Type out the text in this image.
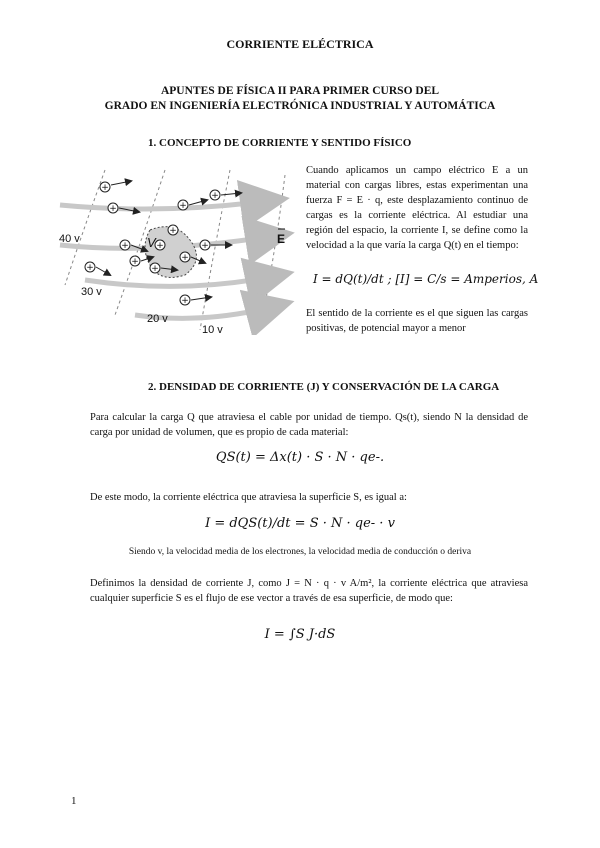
CORRIENTE ELÉCTRICA
APUNTES DE FÍSICA II PARA PRIMER CURSO DEL
GRADO EN INGENIERÍA ELECTRÓNICA INDUSTRIAL Y AUTOMÁTICA
1. CONCEPTO DE CORRIENTE Y SENTIDO FÍSICO
+
+	+
+
+
+
+
+
+
+
+
+
+
40 v
30 v
20 v
10 v
V	E
Cuando aplicamos un campo eléctrico E a un material con cargas libres, estas experimentan una fuerza F = E · q, este desplazamiento continuo de cargas es la corriente eléctrica. Al estudiar una región del espacio, la corriente I, se define como la velocidad a la que varía la carga Q(t) en el tiempo:
I = dQ(t)/dt ; [I] = C/s = Amperios, A
El sentido de la corriente es el que siguen las cargas positivas, de potencial mayor a menor
2. DENSIDAD DE CORRIENTE (J) Y CONSERVACIÓN DE LA CARGA
Para calcular la carga Q que atraviesa el cable por unidad de tiempo. Qs(t), siendo N la densidad de carga por unidad de volumen, que es propio de cada material:
QS(t) = Δx(t) · S · N · qe-.
De este modo, la corriente eléctrica que atraviesa la superficie S, es igual a:
I = dQS(t)/dt = S · N · qe- · v
Siendo v, la velocidad media de los electrones, la velocidad media de conducción o deriva
Definimos la densidad de corriente J, como J = N · q · v A/m², la corriente eléctrica que atraviesa cualquier superficie S es el flujo de ese vector a través de esa superficie, de modo que:
I = ∫S J·dS
1
